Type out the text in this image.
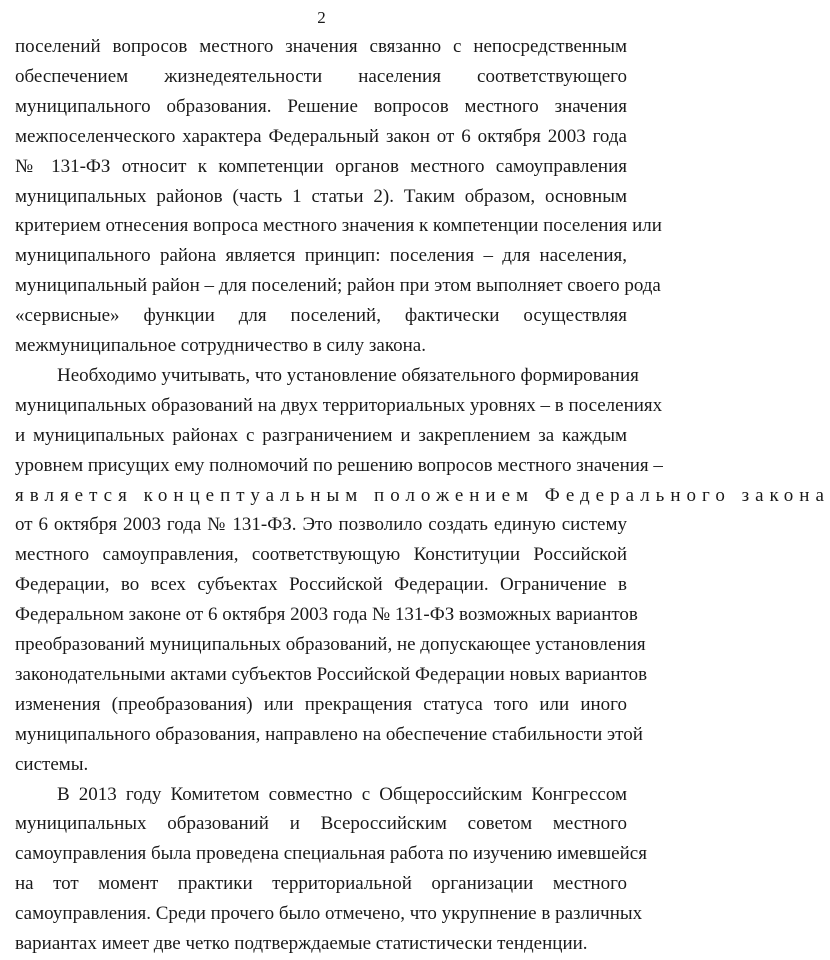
2
поселений вопросов местного значения связанно с непосредственным
обеспечением жизнедеятельности населения соответствующего
муниципального образования. Решение вопросов местного значения
межпоселенческого характера Федеральный закон от 6 октября 2003 года
№ 131-ФЗ относит к компетенции органов местного самоуправления
муниципальных районов (часть 1 статьи 2). Таким образом, основным
критерием отнесения вопроса местного значения к компетенции поселения или
муниципального района является принцип: поселения – для населения,
муниципальный район – для поселений; район при этом выполняет своего рода
«сервисные» функции для поселений, фактически осуществляя
межмуниципальное сотрудничество в силу закона.
Необходимо учитывать, что установление обязательного формирования
муниципальных образований на двух территориальных уровнях – в поселениях
и муниципальных районах с разграничением и закреплением за каждым
уровнем присущих ему полномочий по решению вопросов местного значения –
является концептуальным положением Федерального закона
от 6 октября 2003 года № 131-ФЗ. Это позволило создать единую систему
местного самоуправления, соответствующую Конституции Российской
Федерации, во всех субъектах Российской Федерации. Ограничение в
Федеральном законе от 6 октября 2003 года № 131-ФЗ возможных вариантов
преобразований муниципальных образований, не допускающее установления
законодательными актами субъектов Российской Федерации новых вариантов
изменения (преобразования) или прекращения статуса того или иного
муниципального образования, направлено на обеспечение стабильности этой
системы.
В 2013 году Комитетом совместно с Общероссийским Конгрессом
муниципальных образований и Всероссийским советом местного
самоуправления была проведена специальная работа по изучению имевшейся
на тот момент практики территориальной организации местного
самоуправления. Среди прочего было отмечено, что укрупнение в различных
вариантах имеет две четко подтверждаемые статистически тенденции.
